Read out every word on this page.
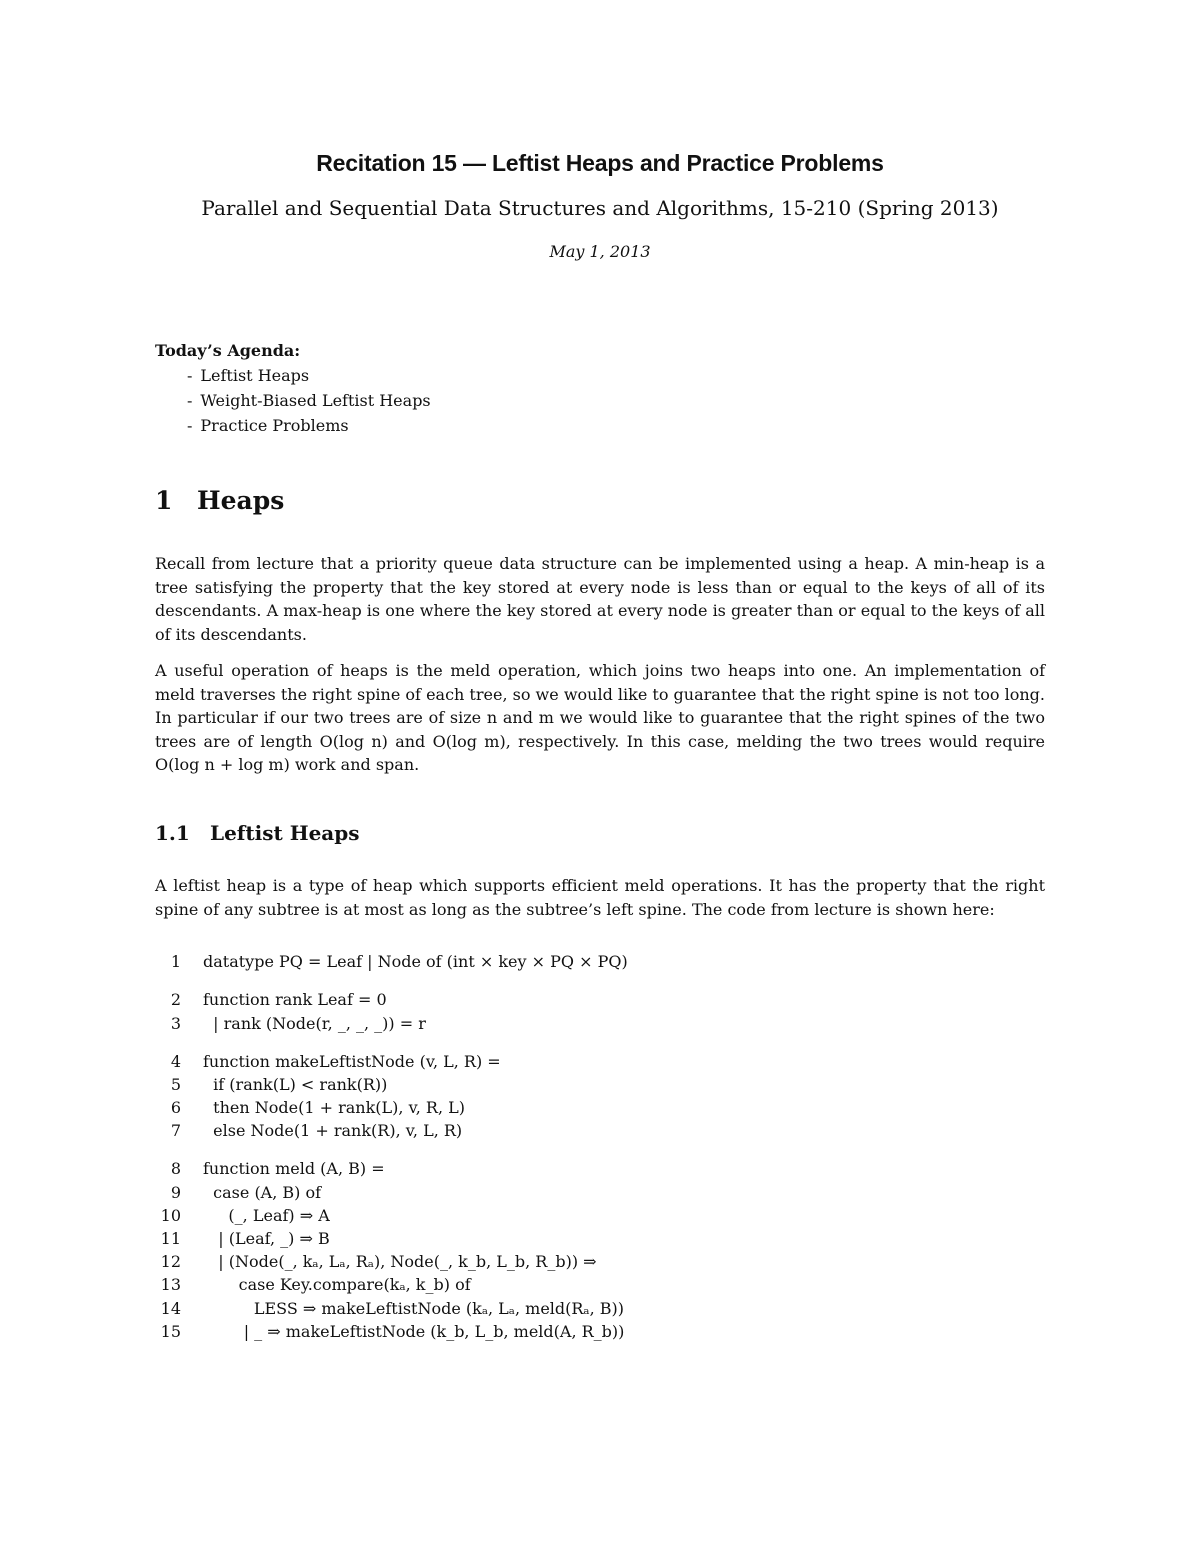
Recitation 15 — Leftist Heaps and Practice Problems
Parallel and Sequential Data Structures and Algorithms, 15-210 (Spring 2013)
May 1, 2013
Today’s Agenda:
- Leftist Heaps
- Weight-Biased Leftist Heaps
- Practice Problems
1 Heaps

Recall from lecture that a priority queue data structure can be implemented using a heap. A min-heap is a tree satisfying the property that the key stored at every node is less than or equal to the keys of all of its descendants. A max-heap is one where the key stored at every node is greater than or equal to the keys of all of its descendants.

A useful operation of heaps is the meld operation, which joins two heaps into one. An implementation of meld traverses the right spine of each tree, so we would like to guarantee that the right spine is not too long. In particular if our two trees are of size n and m we would like to guarantee that the right spines of the two trees are of length O(log n) and O(log m), respectively. In this case, melding the two trees would require O(log n + log m) work and span.

1.1 Leftist Heaps

A leftist heap is a type of heap which supports efficient meld operations. It has the property that the right spine of any subtree is at most as long as the subtree’s left spine. The code from lecture is shown here:

1 datatype PQ = Leaf | Node of (int × key × PQ × PQ)
2 function rank Leaf = 0
3 | rank (Node(r, _, _, _)) = r
4 function makeLeftistNode (v, L, R) =
5 if (rank(L) < rank(R))
6 then Node(1 + rank(L), v, R, L)
7 else Node(1 + rank(R), v, L, R)
8 function meld (A, B) =
9 case (A, B) of
10 (_, Leaf) ⇒ A
11 | (Leaf, _) ⇒ B
12 | (Node(_, kₐ, Lₐ, Rₐ), Node(_, k_b, L_b, R_b)) ⇒
13 case Key.compare(kₐ, k_b) of
14 LESS ⇒ makeLeftistNode (kₐ, Lₐ, meld(Rₐ, B))
15 | _ ⇒ makeLeftistNode (k_b, L_b, meld(A, R_b))
